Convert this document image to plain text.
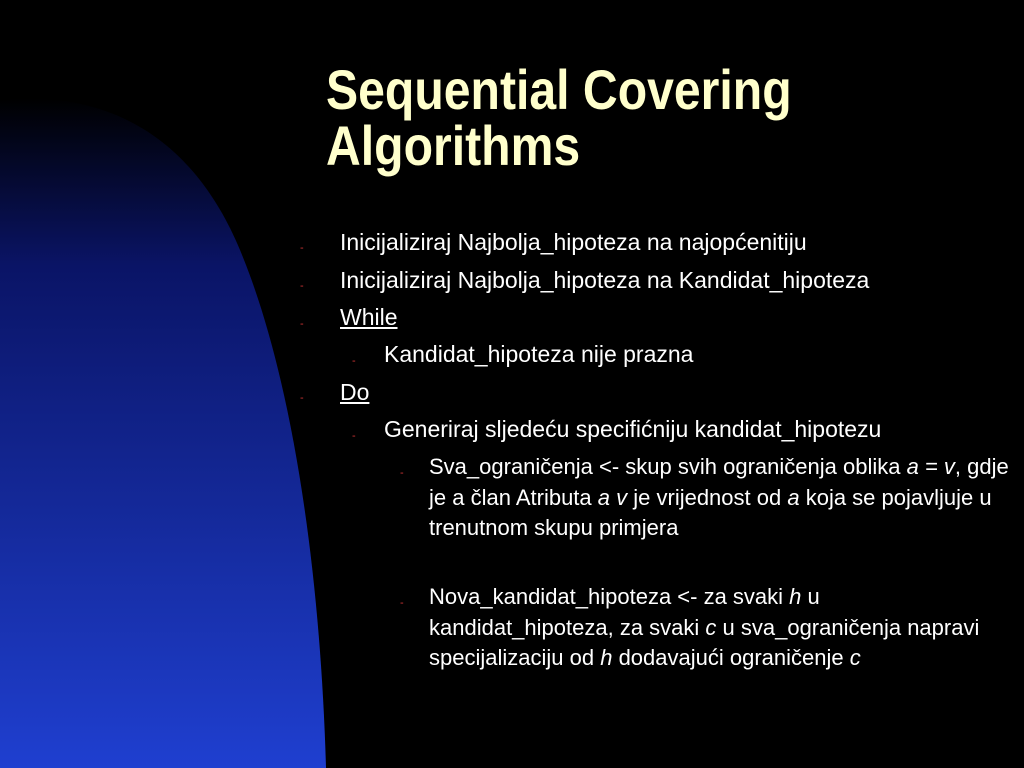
Sequential Covering
Algorithms
- Inicijaliziraj Najbolja_hipoteza na najopćenitiju
- Inicijaliziraj Najbolja_hipoteza na Kandidat_hipoteza
- While
- Kandidat_hipoteza nije prazna
- Do
- Generiraj sljedeću specifićniju kandidat_hipotezu
- Sva_ograničenja <- skup svih ograničenja oblika a = v, gdje je a član Atributa a v je vrijednost od a koja se pojavljuje u trenutnom skupu primjera
- Nova_kandidat_hipoteza <- za svaki h u kandidat_hipoteza, za svaki c u sva_ograničenja napravi specijalizaciju od h dodavajući ograničenje c
